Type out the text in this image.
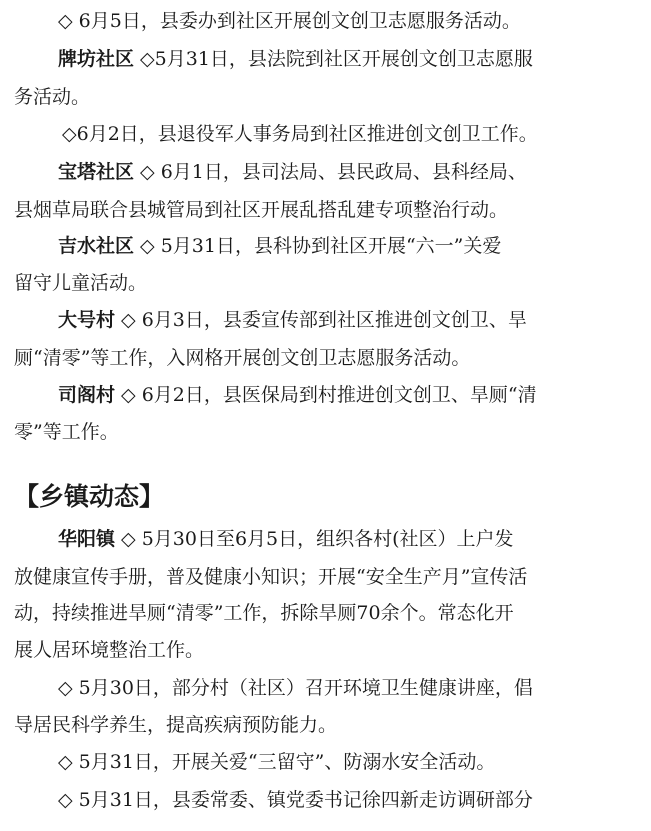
◇ 6月5日，县委办到社区开展创文创卫志愿服务活动。
牌坊社区 ◇5月31日，县法院到社区开展创文创卫志愿服
务活动。
◇6月2日，县退役军人事务局到社区推进创文创卫工作。
宝塔社区 ◇ 6月1日，县司法局、县民政局、县科经局、
县烟草局联合县城管局到社区开展乱搭乱建专项整治行动。
吉水社区 ◇ 5月31日，县科协到社区开展“六一”关爱
留守儿童活动。
大号村 ◇ 6月3日，县委宣传部到社区推进创文创卫、旱
厕“清零”等工作，入网格开展创文创卫志愿服务活动。
司阁村 ◇ 6月2日，县医保局到村推进创文创卫、旱厕“清
零”等工作。
【乡镇动态】
华阳镇 ◇ 5月30日至6月5日，组织各村(社区）上户发
放健康宣传手册，普及健康小知识；开展“安全生产月”宣传活
动，持续推进旱厕“清零”工作，拆除旱厕70余个。常态化开
展人居环境整治工作。
◇ 5月30日，部分村（社区）召开环境卫生健康讲座，倡
导居民科学养生，提高疾病预防能力。
◇ 5月31日，开展关爱“三留守”、防溺水安全活动。
◇ 5月31日，县委常委、镇党委书记徐四新走访调研部分
